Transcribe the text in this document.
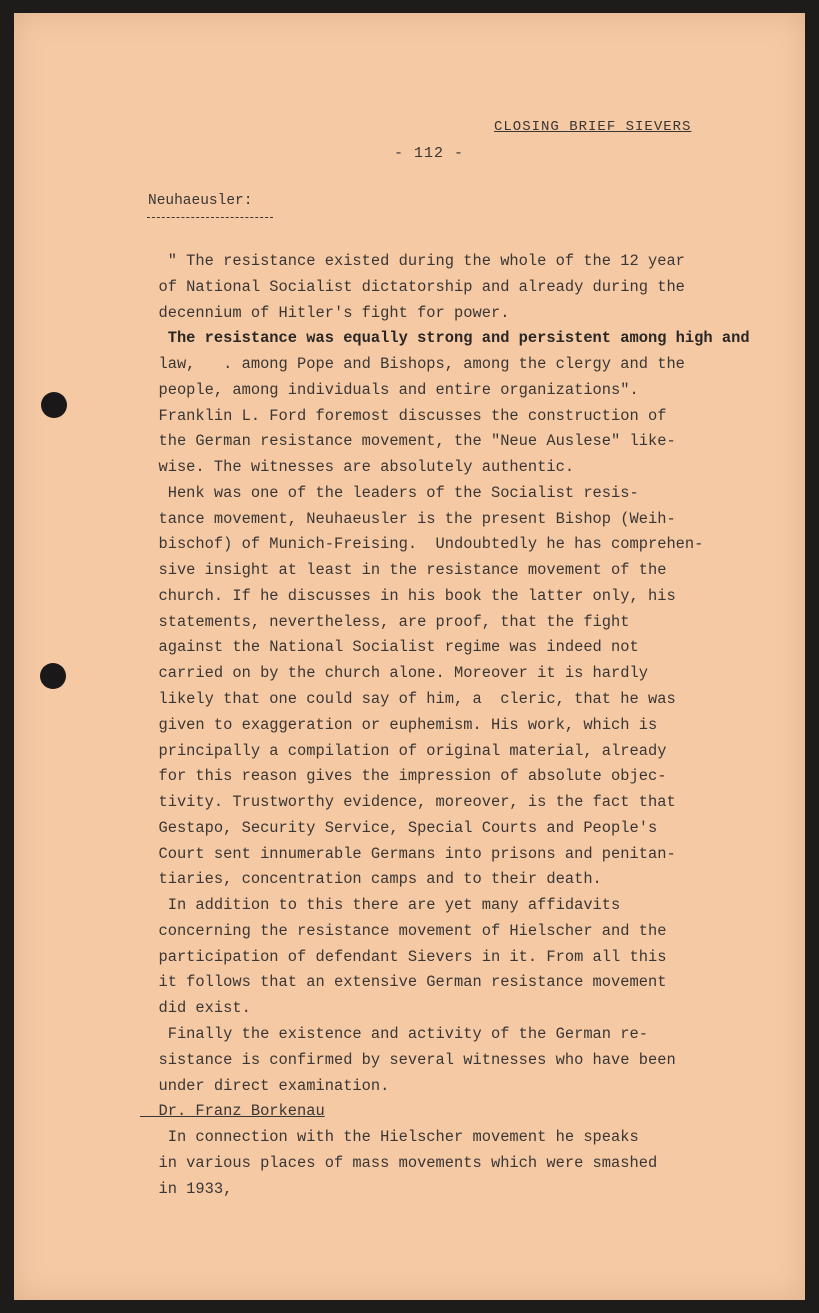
CLOSING BRIEF SIEVERS
- 112 -
Neuhaeusler:
" The resistance existed during the whole of the 12 year
of National Socialist dictatorship and already during the
decennium of Hitler's fight for power.
The resistance was equally strong and persistent among high and
law,   . among Pope and Bishops, among the clergy and the
people, among individuals and entire organizations".
Franklin L. Ford foremost discusses the construction of
the German resistance movement, the "Neue Auslese" like-
wise. The witnesses are absolutely authentic.
Henk was one of the leaders of the Socialist resis-
tance movement, Neuhaeusler is the present Bishop (Weih-
bischof) of Munich-Freising.  Undoubtedly he has comprehen-
sive insight at least in the resistance movement of the
church. If he discusses in his book the latter only, his
statements, nevertheless, are proof, that the fight
against the National Socialist regime was indeed not
carried on by the church alone. Moreover it is hardly
likely that one could say of him, a  cleric, that he was
given to exaggeration or euphemism. His work, which is
principally a compilation of original material, already
for this reason gives the impression of absolute objec-
tivity. Trustworthy evidence, moreover, is the fact that
Gestapo, Security Service, Special Courts and People's
Court sent innumerable Germans into prisons and penitan-
tiaries, concentration camps and to their death.
In addition to this there are yet many affidavits
concerning the resistance movement of Hielscher and the
participation of defendant Sievers in it. From all this
it follows that an extensive German resistance movement
did exist.
Finally the existence and activity of the German re-
sistance is confirmed by several witnesses who have been
under direct examination.
Dr. Franz Borkenau
In connection with the Hielscher movement he speaks
in various places of mass movements which were smashed
in 1933,
